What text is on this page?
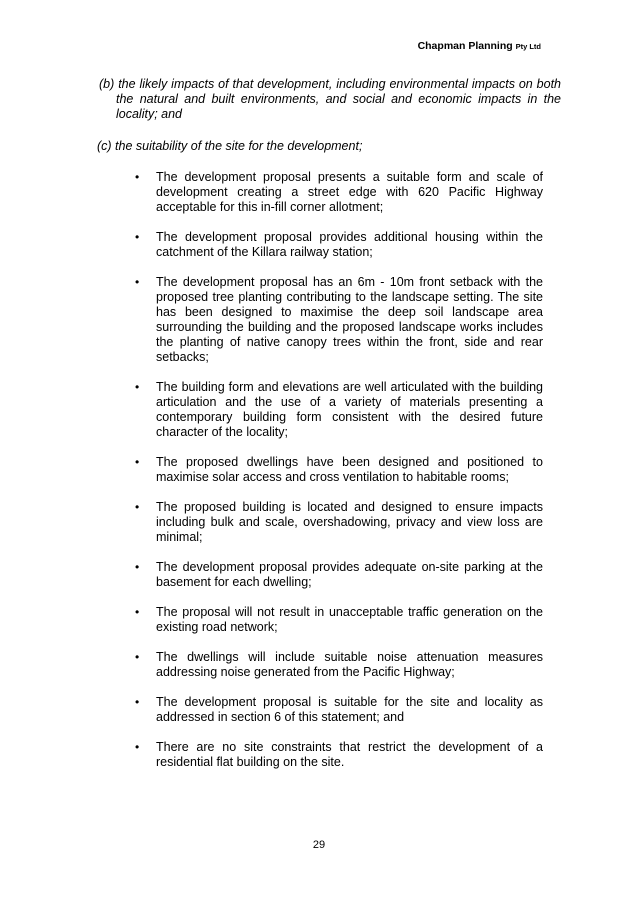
Chapman Planning Pty Ltd
(b) the likely impacts of that development, including environmental impacts on both the natural and built environments, and social and economic impacts in the locality; and
(c) the suitability of the site for the development;
• The development proposal presents a suitable form and scale of development creating a street edge with 620 Pacific Highway acceptable for this in-fill corner allotment;
• The development proposal provides additional housing within the catchment of the Killara railway station;
• The development proposal has an 6m - 10m front setback with the proposed tree planting contributing to the landscape setting. The site has been designed to maximise the deep soil landscape area surrounding the building and the proposed landscape works includes the planting of native canopy trees within the front, side and rear setbacks;
• The building form and elevations are well articulated with the building articulation and the use of a variety of materials presenting a contemporary building form consistent with the desired future character of the locality;
• The proposed dwellings have been designed and positioned to maximise solar access and cross ventilation to habitable rooms;
• The proposed building is located and designed to ensure impacts including bulk and scale, overshadowing, privacy and view loss are minimal;
• The development proposal provides adequate on-site parking at the basement for each dwelling;
• The proposal will not result in unacceptable traffic generation on the existing road network;
• The dwellings will include suitable noise attenuation measures addressing noise generated from the Pacific Highway;
• The development proposal is suitable for the site and locality as addressed in section 6 of this statement; and
• There are no site constraints that restrict the development of a residential flat building on the site.
29
